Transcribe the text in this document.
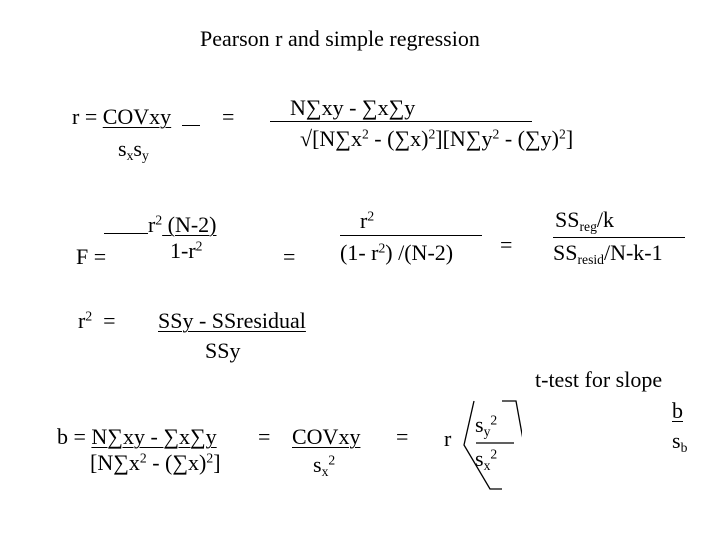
Pearson r and simple regression
r = COVxy
$s_xs_y$
=	N∑xy - ∑x∑y
$√[N\sum x^2 - (\sum x)^2][N\sum y^2 - (\sum y)^2]$
$r^2$ (N-2)
F =	$1-r^2$	=
$r^2$
(1- $r^2$) /(N-2) =
$SS_{reg}/k$
$SS_{resid}/N-k-1$
$r^2$  = SSy - SSresidual
SSy
t-test for slope
b
$s_b$
b = N∑xy - ∑x∑y
$[N\sum x^2 - (\sum x)^2]$
= COVxy
$s_x^2$
= r
$s_y^2$
$s_x^2$
